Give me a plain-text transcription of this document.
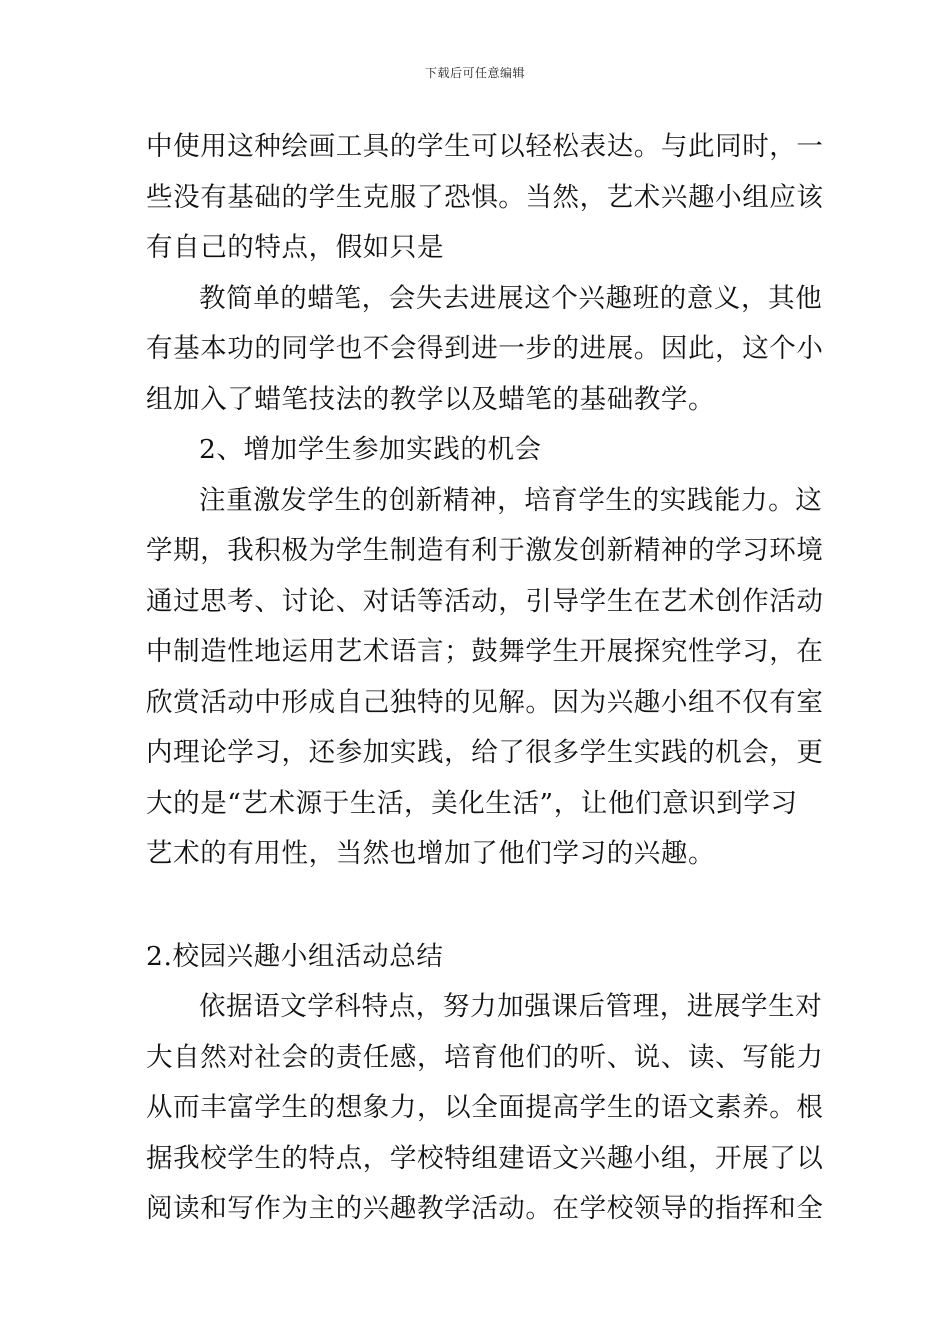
下载后可任意编辑
中使用这种绘画工具的学生可以轻松表达。与此同时，一
些没有基础的学生克服了恐惧。当然，艺术兴趣小组应该
有自己的特点，假如只是
教简单的蜡笔，会失去进展这个兴趣班的意义，其他
有基本功的同学也不会得到进一步的进展。因此，这个小
组加入了蜡笔技法的教学以及蜡笔的基础教学。
2、增加学生参加实践的机会
注重激发学生的创新精神，培育学生的实践能力。这
学期，我积极为学生制造有利于激发创新精神的学习环境
通过思考、讨论、对话等活动，引导学生在艺术创作活动
中制造性地运用艺术语言；鼓舞学生开展探究性学习，在
欣赏活动中形成自己独特的见解。因为兴趣小组不仅有室
内理论学习，还参加实践，给了很多学生实践的机会，更
大的是“艺术源于生活，美化生活”，让他们意识到学习
艺术的有用性，当然也增加了他们学习的兴趣。
2.校园兴趣小组活动总结
依据语文学科特点，努力加强课后管理，进展学生对
大自然对社会的责任感，培育他们的听、说、读、写能力
从而丰富学生的想象力，以全面提高学生的语文素养。根
据我校学生的特点，学校特组建语文兴趣小组，开展了以
阅读和写作为主的兴趣教学活动。在学校领导的指挥和全
